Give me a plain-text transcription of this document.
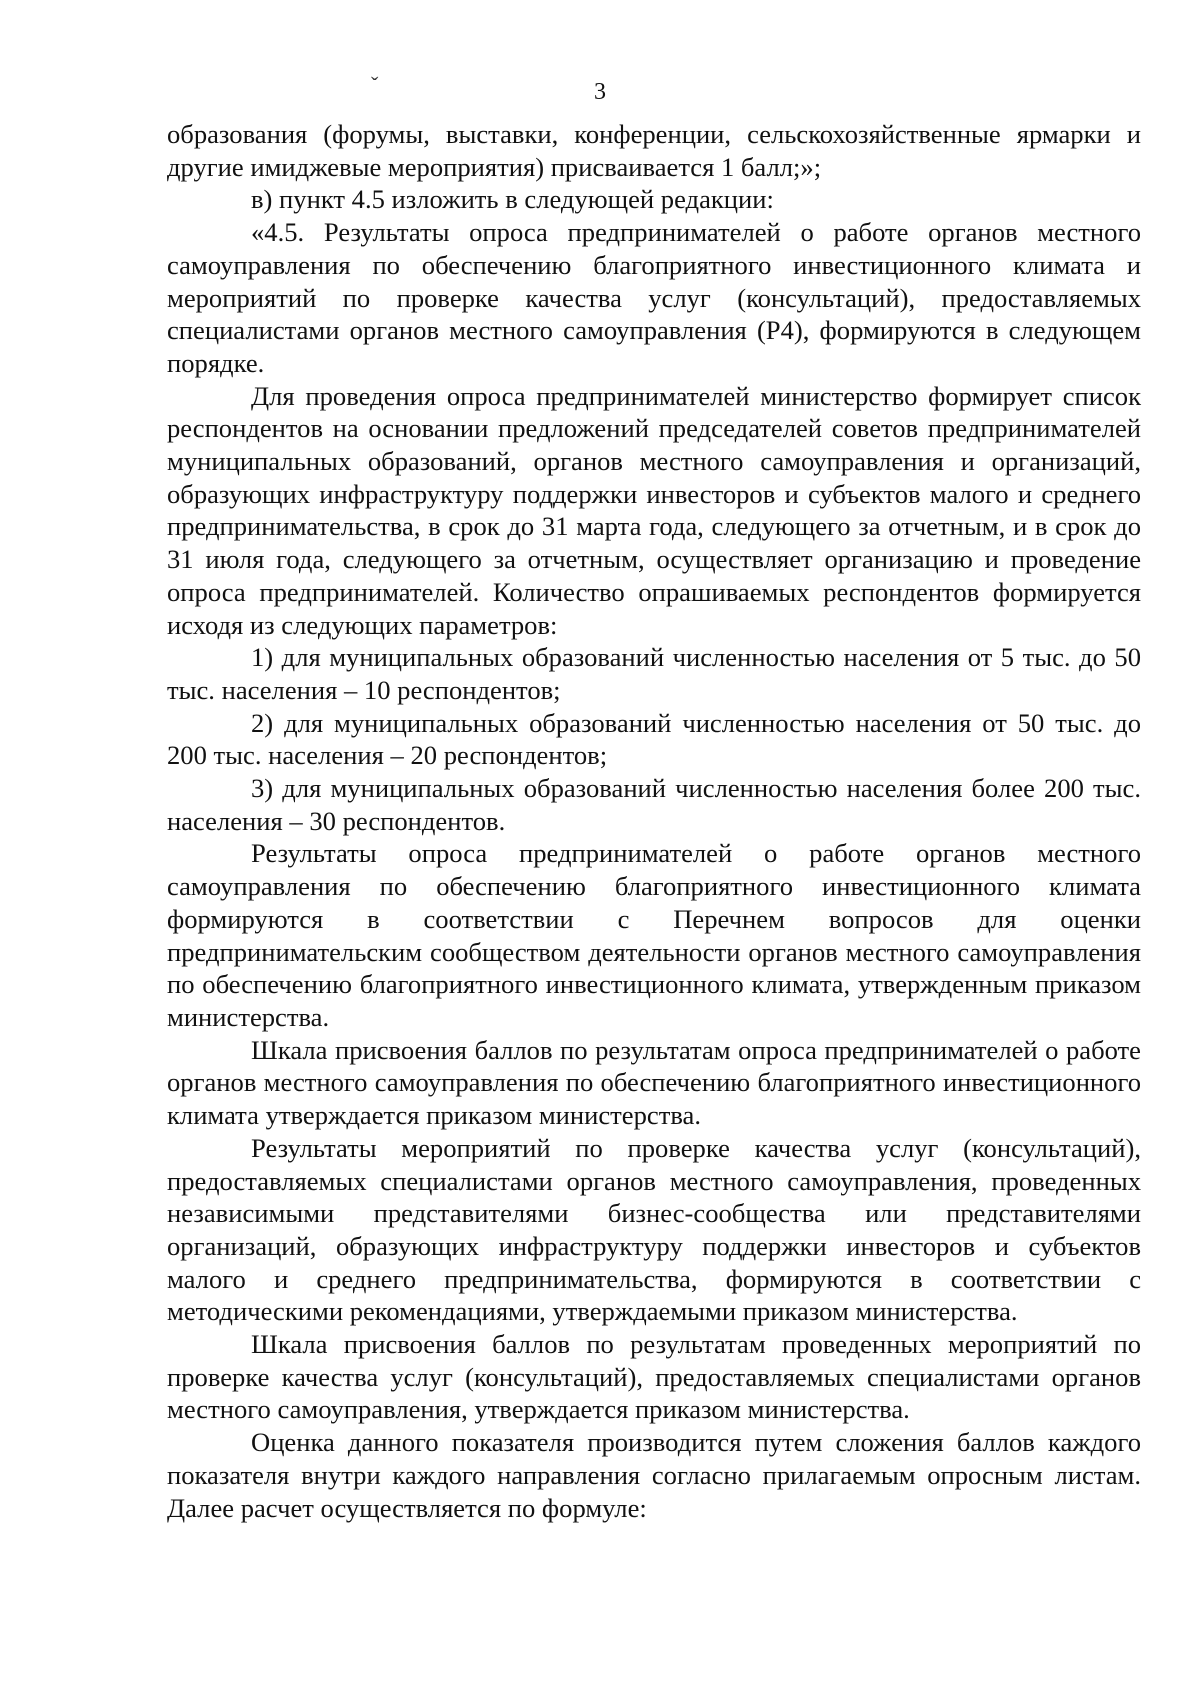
ˇ	3

образования (форумы, выставки, конференции, сельскохозяйственные ярмарки и другие имиджевые мероприятия) присваивается 1 балл;»;

в) пункт 4.5 изложить в следующей редакции:

«4.5. Результаты опроса предпринимателей о работе органов местного самоуправления по обеспечению благоприятного инвестиционного климата и мероприятий по проверке качества услуг (консультаций), предоставляемых специалистами органов местного самоуправления (Р4), формируются в следующем порядке.

Для проведения опроса предпринимателей министерство формирует список респондентов на основании предложений председателей советов предпринимателей муниципальных образований, органов местного самоуправления и организаций, образующих инфраструктуру поддержки инвесторов и субъектов малого и среднего предпринимательства, в срок до 31 марта года, следующего за отчетным, и в срок до 31 июля года, следующего за отчетным, осуществляет организацию и проведение опроса предпринимателей. Количество опрашиваемых респондентов формируется исходя из следующих параметров:

1) для муниципальных образований численностью населения от 5 тыс. до 50 тыс. населения – 10 респондентов;

2) для муниципальных образований численностью населения от 50 тыс. до 200 тыс. населения – 20 респондентов;

3) для муниципальных образований численностью населения более 200 тыс. населения – 30 респондентов.

Результаты опроса предпринимателей о работе органов местного самоуправления по обеспечению благоприятного инвестиционного климата формируются в соответствии с Перечнем вопросов для оценки предпринимательским сообществом деятельности органов местного самоуправления по обеспечению благоприятного инвестиционного климата, утвержденным приказом министерства.

Шкала присвоения баллов по результатам опроса предпринимателей о работе органов местного самоуправления по обеспечению благоприятного инвестиционного климата утверждается приказом министерства.

Результаты мероприятий по проверке качества услуг (консультаций), предоставляемых специалистами органов местного самоуправления, проведенных независимыми представителями бизнес-сообщества или представителями организаций, образующих инфраструктуру поддержки инвесторов и субъектов малого и среднего предпринимательства, формируются в соответствии с методическими рекомендациями, утверждаемыми приказом министерства.

Шкала присвоения баллов по результатам проведенных мероприятий по проверке качества услуг (консультаций), предоставляемых специалистами органов местного самоуправления, утверждается приказом министерства.

Оценка данного показателя производится путем сложения баллов каждого показателя внутри каждого направления согласно прилагаемым опросным листам. Далее расчет осуществляется по формуле:
